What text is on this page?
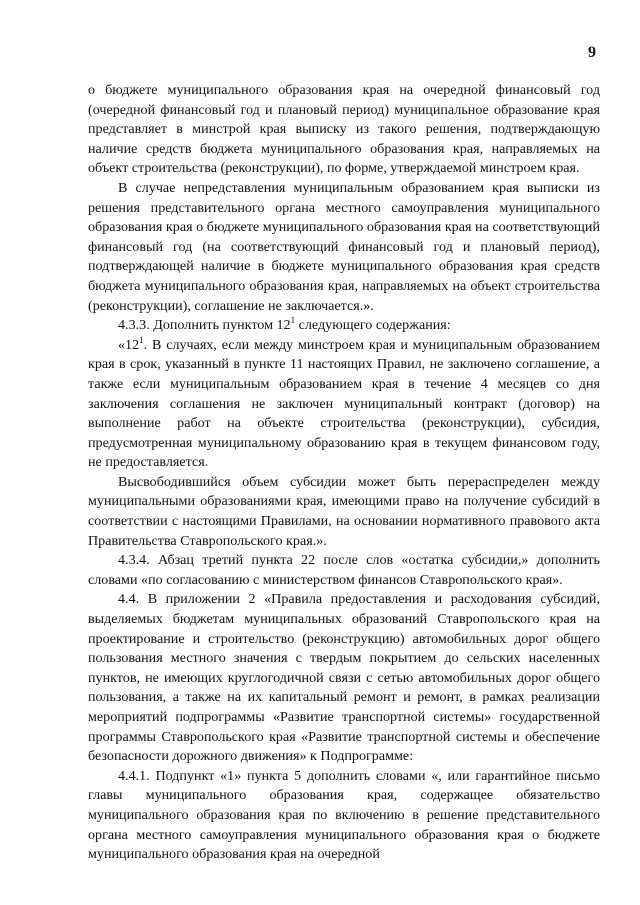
9

о бюджете муниципального образования края на очередной финансовый год (очередной финансовый год и плановый период) муниципальное образование края представляет в минстрой края выписку из такого решения, подтверждающую наличие средств бюджета муниципального образования края, направляемых на объект строительства (реконструкции), по форме, утверждаемой минстроем края.

В случае непредставления муниципальным образованием края выписки из решения представительного органа местного самоуправления муниципального образования края о бюджете муниципального образования края на соответствующий финансовый год (на соответствующий финансовый год и плановый период), подтверждающей наличие в бюджете муниципального образования края средств бюджета муниципального образования края, направляемых на объект строительства (реконструкции), соглашение не заключается.».

4.3.3. Дополнить пунктом $12^1$ следующего содержания:

«$12^1$. В случаях, если между минстроем края и муниципальным образованием края в срок, указанный в пункте 11 настоящих Правил, не заключено соглашение, а также если муниципальным образованием края в течение 4 месяцев со дня заключения соглашения не заключен муниципальный контракт (договор) на выполнение работ на объекте строительства (реконструкции), субсидия, предусмотренная муниципальному образованию края в текущем финансовом году, не предоставляется.

Высвободившийся объем субсидии может быть перераспределен между муниципальными образованиями края, имеющими право на получение субсидий в соответствии с настоящими Правилами, на основании нормативного правового акта Правительства Ставропольского края.».

4.3.4. Абзац третий пункта 22 после слов «остатка субсидии,» дополнить словами «по согласованию с министерством финансов Ставропольского края».

4.4. В приложении 2 «Правила предоставления и расходования субсидий, выделяемых бюджетам муниципальных образований Ставропольского края на проектирование и строительство (реконструкцию) автомобильных дорог общего пользования местного значения с твердым покрытием до сельских населенных пунктов, не имеющих круглогодичной связи с сетью автомобильных дорог общего пользования, а также на их капитальный ремонт и ремонт, в рамках реализации мероприятий подпрограммы «Развитие транспортной системы» государственной программы Ставропольского края «Развитие транспортной системы и обеспечение безопасности дорожного движения» к Подпрограмме:

4.4.1. Подпункт «1» пункта 5 дополнить словами «, или гарантийное письмо главы муниципального образования края, содержащее обязательство муниципального образования края по включению в решение представительного органа местного самоуправления муниципального образования края о бюджете муниципального образования края на очередной
